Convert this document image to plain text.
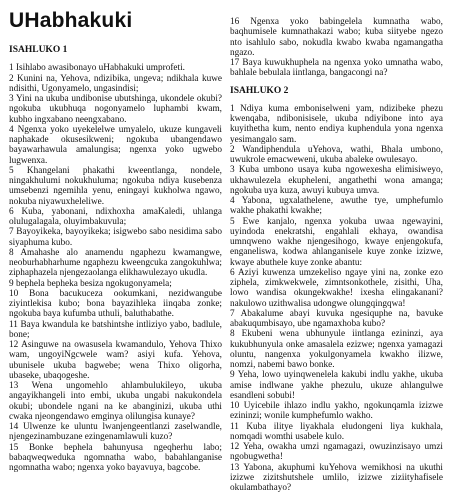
UHabhakuki
ISAHLUKO 1

1 Isihlabo awasibonayo uHabhakuki umprofeti.

2 Kunini na, Yehova, ndizibika, ungeva; ndikhala kuwe ndisithi, Ugonyamelo, ungasindisi;

3 Yini na ukuba undibonise ubutshinga, ukondele okubi? ngokuba ukubhuqa nogonyamelo luphambi kwam, kubho ingxabano neengxabano.

4 Ngenxa yoko uyekelelwe umyalelo, ukuze kungaveli naphakade okusesikweni; ngokuba ubangendawo bayawarhawula amalungisa; ngenxa yoko ugwebo lugwenxa.

5 Khangelani phakathi kweentlanga, nondele, ningakhulumi nokukhuluma; ngokuba ndiya kusebenza umsebenzi ngemihla yenu, eningayi kukholwa ngawo, nokuba niyawuxheleliwe.

6 Kuba, yabonani, ndixhoxha amaKaledi, uhlanga olulugalagala, oluyimbakuvula;

7 Bayoyikeka, bayoyikeka; isigwebo sabo nesidima sabo siyaphuma kubo.

8 Amahashe alo anamendu ngaphezu kwamangwe, neoburhabharhume ngaphezu kweengcuka zangokuhlwa; ziphaphazela njengezaolanga elikhawulezayo ukudla.

9 bephela bepheka besiza ngokugonyamela;

10 Bona bacukuceza ookumkani, nezidwangube ziyintlekisa kubo; bona bayazihleka iinqaba zonke; ngokuba baya kufumba uthuli, baluthabathe.

11 Baya kwandula ke batshintshe intliziyo yabo, badlule, bone;

12 Asinguwe na owasusela kwamandulo, Yehova Thixo wam, ungoyiNgcwele wam? asiyi kufa. Yehova, ubunisele ukuba bagwebe; wena Thixo oligorha, ubaseke, ubaqogeshe.

13 Wena ungomehlo ahlambulukileyo, ukuba angayikhangeli into embi, ukuba ungabi nakukondela okubi; ubondele ngani na ke abanginizi, ukuba uthi cwaka njeongendawo emginya olilungisa kunaye?

14 Ulwenze ke uluntu lwanjengeentlanzi zaselwandle, njengezinambuzane ezingenamlawuli kuzo?

15 Bonke bephela bahunyusa ngeqherhu labo; babaqweqweduka ngomnatha wabo, babahlanganise ngomnatha wabo; ngenxa yoko bayavuya, bagcobe.

16 Ngenxa yoko babingelela kumnatha wabo, baqhumisele kumnathakazi wabo; kuba siityebe ngezo nto isahlulo sabo, nokudla kwabo kwaba ngamangatha ngazo.

17 Baya kuwukhuphela na ngenxa yoko umnatha wabo, bahlale bebulala iintlanga, bangacongi na?

ISAHLUKO 2

1 Ndiya kuma emboniselweni yam, ndizibeke phezu kwenqaba, ndibonisisele, ukuba ndiyibone into aya kuyithetha kum, nento endiya kuphendula yona ngenxa yesimangalo sam.

2 Wandiphendula uYehova, wathi, Bhala umbono, uwukrole emacweweni, ukuba abaleke owulesayo.

3 Kuba umbono usaya kuba ngowexesha elimisiweyo, ukhawulezela ekupheleni, angathethi wona amanga; ngokuba uya kuza, awuyi kubuya umva.

4 Yabona, ugxalathelene, awuthe tye, umphefumlo wakhe phakathi kwakhe;

5 Ewe kanjalo, ngenxa yokuba uwaa ngewayini, uyindoda enekratshi, engahlali ekhaya, owandisa umnqweno wakhe njengesihogo, kwaye enjengokufa, enganeliswa, kodwa ahlanganisele kuye zonke izizwe, kwaye abuthele kuye zonke abantu:

6 Aziyi kuwenza umzekeliso ngaye yini na, zonke ezo ziphela, zimkwekwele, zimntsonkothele, zisithi, Uha, lowo wandisa okungekwakhe! ixesha elingakanani? nakulowo uzithwalisa udongwe olungqingqwa!

7 Abakalume abayi kuvuka ngesiquphe na, bavuke abakuqumbisayo, ube ngamaxhoba kubo?

8 Ekubeni wena ubhunyule iintlanga ezininzi, aya kukubhunyula onke amasalela ezizwe; ngenxa yamagazi oluntu, nangenxa yokulgonyamela kwakho ilizwe, nomzi, nabemi bawo bonke.

9 Yeha, lowo uyinqwenelela kakubi indlu yakhe, ukuba amise indlwane yakhe phezulu, ukuze ahlangulwe esandleni sobubi!

10 Uyicebile ihlazo indlu yakho, ngokunqamla izizwe ezininzi; wonile kumphefumlo wakho.

11 Kuba ilitye liyakhala eludongeni liya kukhala, nomqadi womthi usabele kulo.

12 Yeha, owakha umzi ngamagazi, owuzinzisayo umzi ngobugwetha!

13 Yabona, akuphumi kuYehova wemikhosi na ukuthi izizwe zizitshutshele umlilo, izizwe ziziityhafisele okulambathayo?
